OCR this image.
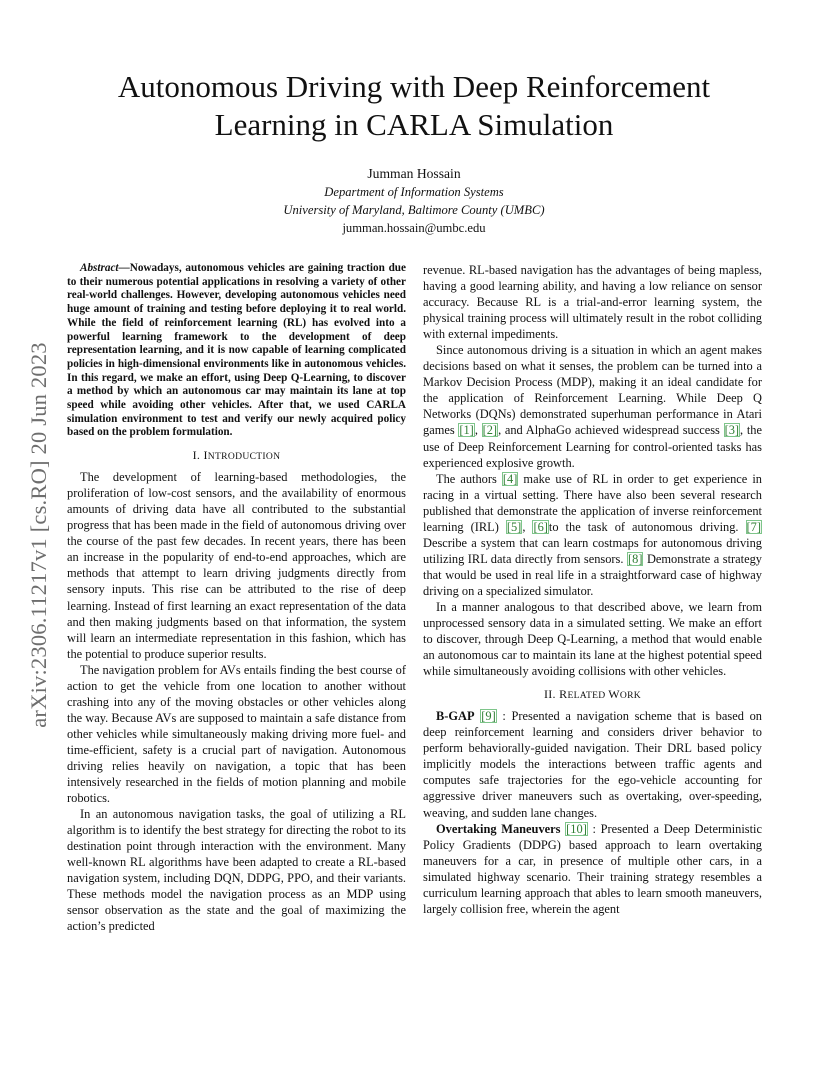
arXiv:2306.11217v1 [cs.RO] 20 Jun 2023
Autonomous Driving with Deep Reinforcement
Learning in CARLA Simulation
Jumman Hossain
Department of Information Systems
University of Maryland, Baltimore County (UMBC)
jumman.hossain@umbc.edu

Abstract—Nowadays, autonomous vehicles are gaining traction due to their numerous potential applications in resolving a variety of other real-world challenges. However, developing autonomous vehicles need huge amount of training and testing before deploying it to real world. While the field of reinforcement learning (RL) has evolved into a powerful learning framework to the development of deep representation learning, and it is now capable of learning complicated policies in high-dimensional environments like in autonomous vehicles. In this regard, we make an effort, using Deep Q-Learning, to discover a method by which an autonomous car may maintain its lane at top speed while avoiding other vehicles. After that, we used CARLA simulation environment to test and verify our newly acquired policy based on the problem formulation.

I. INTRODUCTION

The development of learning-based methodologies, the proliferation of low-cost sensors, and the availability of enormous amounts of driving data have all contributed to the substantial progress that has been made in the field of autonomous driving over the course of the past few decades. In recent years, there has been an increase in the popularity of end-to-end approaches, which are methods that attempt to learn driving judgments directly from sensory inputs. This rise can be attributed to the rise of deep learning. Instead of first learning an exact representation of the data and then making judgments based on that information, the system will learn an intermediate representation in this fashion, which has the potential to produce superior results.

The navigation problem for AVs entails finding the best course of action to get the vehicle from one location to another without crashing into any of the moving obstacles or other vehicles along the way. Because AVs are supposed to maintain a safe distance from other vehicles while simultaneously making driving more fuel- and time-efficient, safety is a crucial part of navigation. Autonomous driving relies heavily on navigation, a topic that has been intensively researched in the fields of motion planning and mobile robotics.

In an autonomous navigation tasks, the goal of utilizing a RL algorithm is to identify the best strategy for directing the robot to its destination point through interaction with the environment. Many well-known RL algorithms have been adapted to create a RL-based navigation system, including DQN, DDPG, PPO, and their variants. These methods model the navigation process as an MDP using sensor observation as the state and the goal of maximizing the action’s predicted

revenue. RL-based navigation has the advantages of being mapless, having a good learning ability, and having a low reliance on sensor accuracy. Because RL is a trial-and-error learning system, the physical training process will ultimately result in the robot colliding with external impediments.

Since autonomous driving is a situation in which an agent makes decisions based on what it senses, the problem can be turned into a Markov Decision Process (MDP), making it an ideal candidate for the application of Reinforcement Learning. While Deep Q Networks (DQNs) demonstrated superhuman performance in Atari games [1], [2], and AlphaGo achieved widespread success [3], the use of Deep Reinforcement Learning for control-oriented tasks has experienced explosive growth.

The authors [4] make use of RL in order to get experience in racing in a virtual setting. There have also been several research published that demonstrate the application of inverse reinforcement learning (IRL) [5], [6]to the task of autonomous driving. [7] Describe a system that can learn costmaps for autonomous driving utilizing IRL data directly from sensors. [8] Demonstrate a strategy that would be used in real life in a straightforward case of highway driving on a specialized simulator.

In a manner analogous to that described above, we learn from unprocessed sensory data in a simulated setting. We make an effort to discover, through Deep Q-Learning, a method that would enable an autonomous car to maintain its lane at the highest potential speed while simultaneously avoiding collisions with other vehicles.

II. RELATED WORK

B-GAP [9] : Presented a navigation scheme that is based on deep reinforcement learning and considers driver behavior to perform behaviorally-guided navigation. Their DRL based policy implicitly models the interactions between traffic agents and computes safe trajectories for the ego-vehicle accounting for aggressive driver maneuvers such as overtaking, over-speeding, weaving, and sudden lane changes.

Overtaking Maneuvers [10] : Presented a Deep Deterministic Policy Gradients (DDPG) based approach to learn overtaking maneuvers for a car, in presence of multiple other cars, in a simulated highway scenario. Their training strategy resembles a curriculum learning approach that ables to learn smooth maneuvers, largely collision free, wherein the agent
